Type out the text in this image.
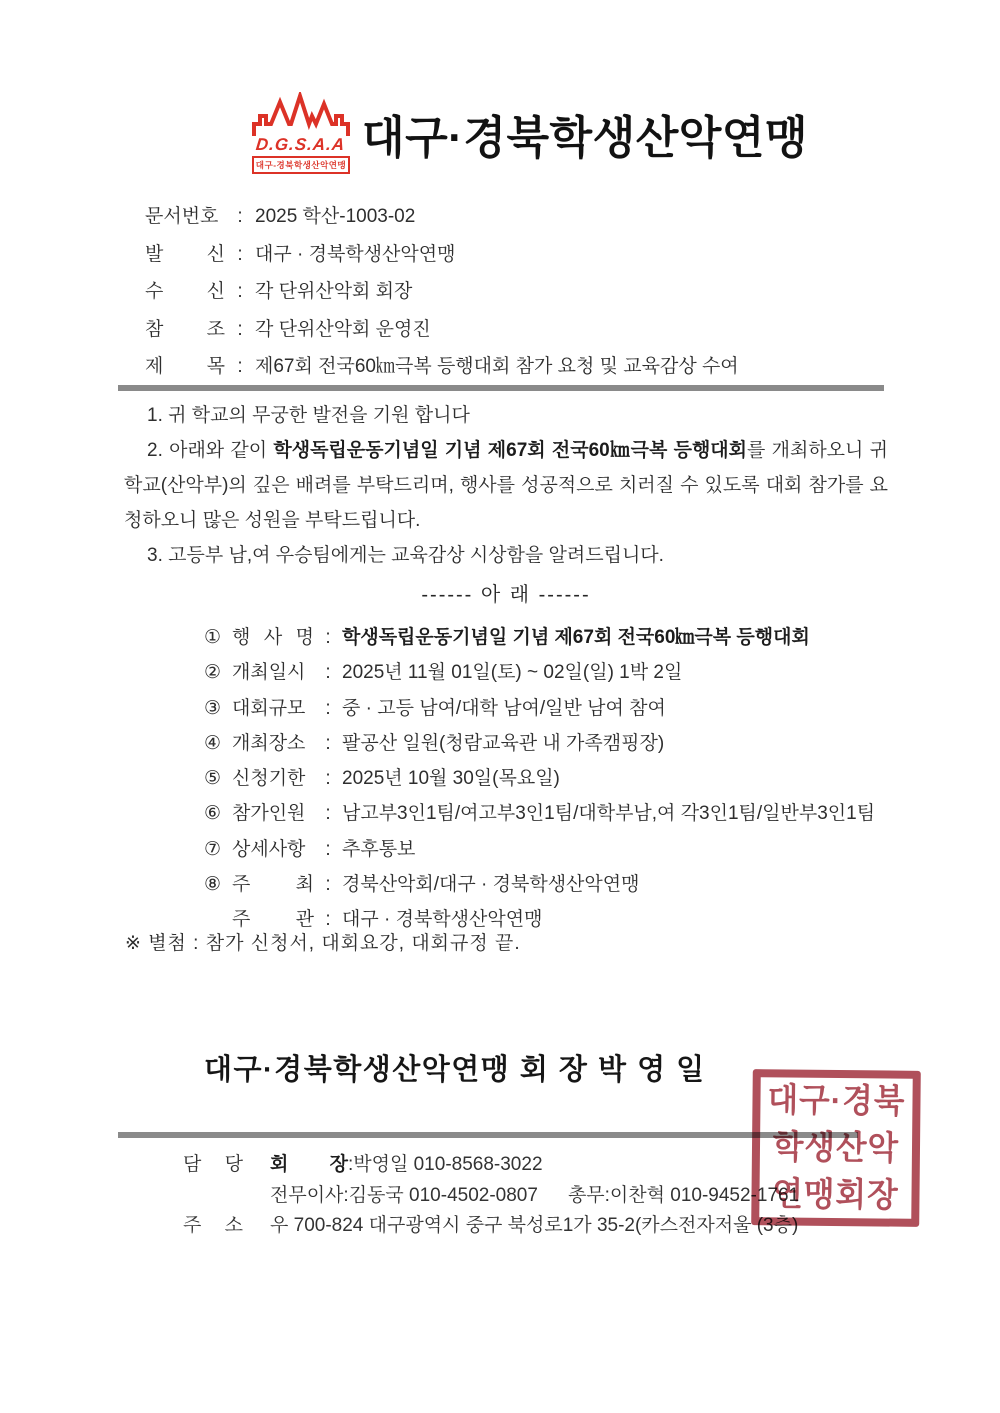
D.G.S.A.A
대구-경북학생산악연맹
대구·경북학생산악연맹
문서번호 : 2025 학산-1003-02
발 신 : 대구 · 경북학생산악연맹
수 신 : 각 단위산악회 회장
참 조 : 각 단위산악회 운영진
제 목 : 제67회 전국60㎞극복 등행대회 참가 요청 및 교육감상 수여

1. 귀 학교의 무궁한 발전을 기원 합니다

2. 아래와 같이 학생독립운동기념일 기념 제67회 전국60㎞극복 등행대회를 개최하오니 귀 학교(산악부)의 깊은 배려를 부탁드리며, 행사를 성공적으로 치러질 수 있도록 대회 참가를 요청하오니 많은 성원을 부탁드립니다.

3. 고등부 남,여 우승팀에게는 교육감상 시상함을 알려드립니다.

------ 아 래 ------
① 행 사 명 : 학생독립운동기념일 기념 제67회 전국60㎞극복 등행대회
② 개최일시 : 2025년 11월 01일(토) ~ 02일(일) 1박 2일
③ 대회규모 : 중 · 고등 남여/대학 남여/일반 남여 참여
④ 개최장소 : 팔공산 일원(청람교육관 내 가족캠핑장)
⑤ 신청기한 : 2025년 10월 30일(목요일)
⑥ 참가인원 : 남고부3인1팀/여고부3인1팀/대학부남,여 각3인1팀/일반부3인1팀
⑦ 상세사항 : 추후통보
⑧ 주 최 : 경북산악회/대구 · 경북학생산악연맹
주 관 : 대구 · 경북학생산악연맹
※ 별첨 : 참가 신청서, 대회요강, 대회규정 끝.
대구·경북학생산악연맹 회 장 박 영 일
담 당 회 장:박영일 010-8568-3022
전무이사:김동국 010-4502-0807 총무:이찬혁 010-9452-1761
주 소 우 700-824 대구광역시 중구 북성로1가 35-2(카스전자저울 (3층)
대구·경북
학생산악
연맹회장
